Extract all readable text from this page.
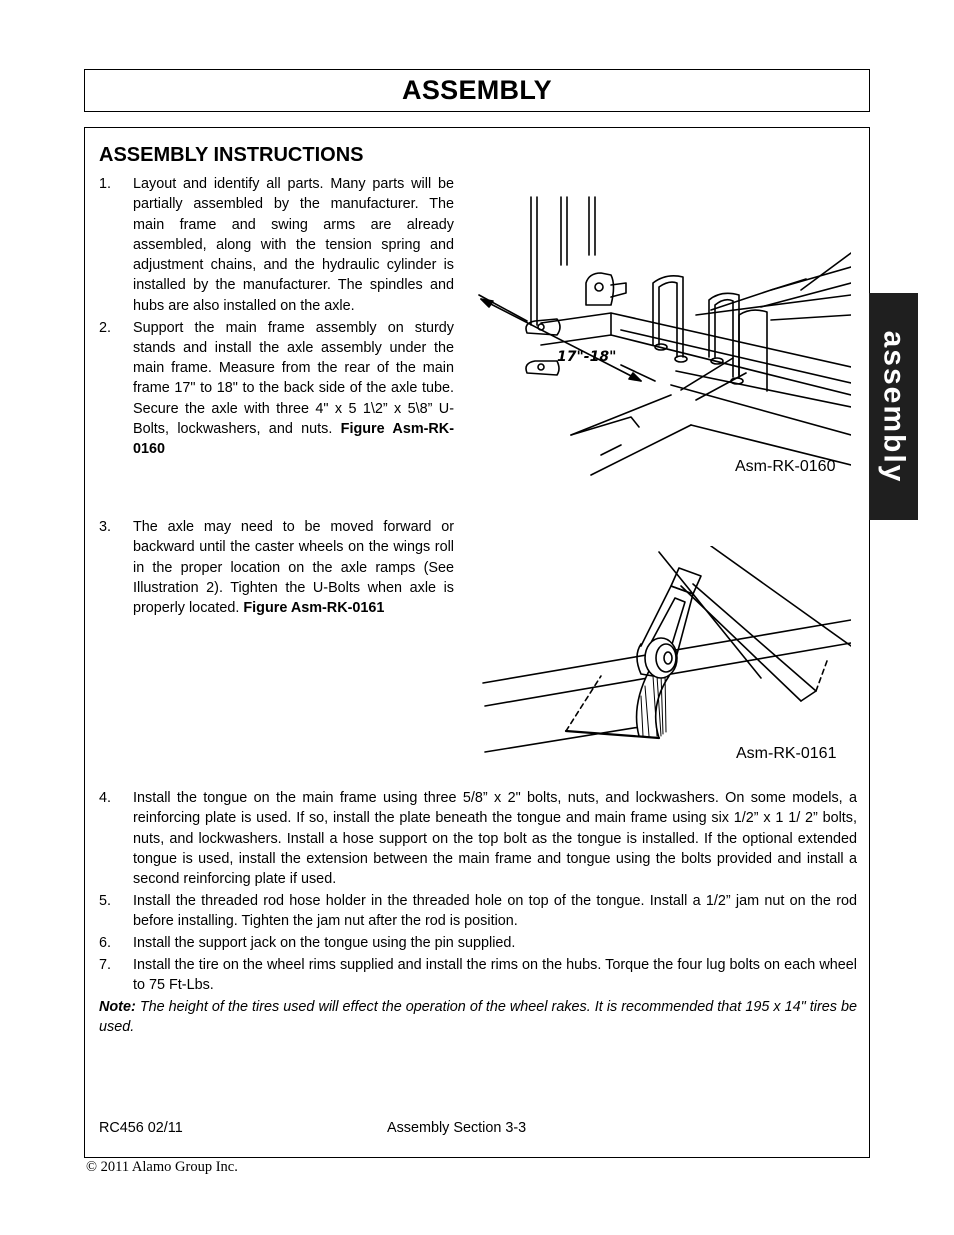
ASSEMBLY
ASSEMBLY INSTRUCTIONS
1. Layout and identify all parts. Many parts will be partially assembled by the manufacturer. The main frame and swing arms are already assembled, along with the tension spring and adjustment chains, and the hydraulic cylinder is installed by the manufacturer. The spindles and hubs are also installed on the axle.
2. Support the main frame assembly on sturdy stands and install the axle assembly under the main frame. Measure from the rear of the main frame 17" to 18" to the back side of the axle tube. Secure the axle with three 4" x 5 1\2” x 5\8” U-Bolts, lockwashers, and nuts. Figure Asm-RK-0160
3. The axle may need to be moved forward or backward until the caster wheels on the wings roll in the proper location on the axle ramps (See Illustration 2). Tighten the U-Bolts when axle is properly located. Figure Asm-RK-0161
17"-18"
Asm-RK-0160
Asm-RK-0161
4. Install the tongue on the main frame using three 5/8” x 2" bolts, nuts, and lockwashers. On some models, a reinforcing plate is used. If so, install the plate beneath the tongue and main frame using six 1/2” x 1 1/ 2” bolts, nuts, and lockwashers. Install a hose support on the top bolt as the tongue is installed. If the optional extended tongue is used, install the extension between the main frame and tongue using the bolts provided and install a second reinforcing plate if used.
5. Install the threaded rod hose holder in the threaded hole on top of the tongue. Install a 1/2” jam nut on the rod before installing. Tighten the jam nut after the rod is position.
6. Install the support jack on the tongue using the pin supplied.
7. Install the tire on the wheel rims supplied and install the rims on the hubs. Torque the four lug bolts on each wheel to 75 Ft-Lbs.

Note: The height of the tires used will effect the operation of the wheel rakes. It is recommended that 195 x 14" tires be used.

RC456 02/11	Assembly Section 3-3
assembly
© 2011 Alamo Group Inc.
